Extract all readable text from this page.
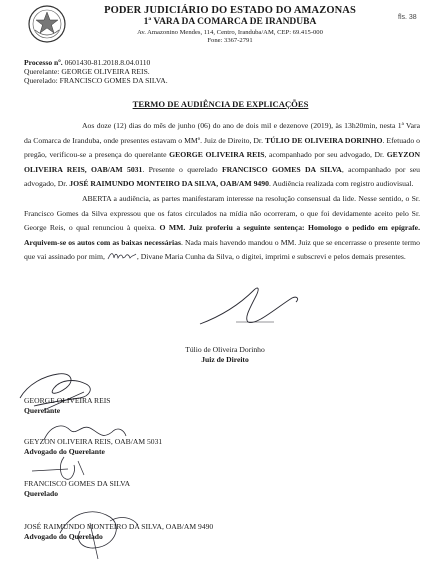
fls. 38
PODER JUDICIÁRIO DO ESTADO DO AMAZONAS
1ª VARA DA COMARCA DE IRANDUBA
Av. Amazonino Mendes, 114, Centro, Iranduba/AM, CEP: 69.415-000
Fone: 3367-2791
Processo nº. 0601430-81.2018.8.04.0110
Querelante: GEORGE OLIVEIRA REIS.
Querelado: FRANCISCO GOMES DA SILVA.
TERMO DE AUDIÊNCIA DE EXPLICAÇÕES

Aos doze (12) dias do mês de junho (06) do ano de dois mil e dezenove (2019), às 13h20min, nesta 1ª Vara da Comarca de Iranduba, onde presentes estavam o MMº. Juiz de Direito, Dr. TÚLIO DE OLIVEIRA DORINHO. Efetuado o pregão, verificou-se a presença do querelante GEORGE OLIVEIRA REIS, acompanhado por seu advogado, Dr. GEYZON OLIVEIRA REIS, OAB/AM 5031. Presente o querelado FRANCISCO GOMES DA SILVA, acompanhado por seu advogado, Dr. JOSÉ RAIMUNDO MONTEIRO DA SILVA, OAB/AM 9490. Audiência realizada com registro audiovisual.

ABERTA a audiência, as partes manifestaram interesse na resolução consensual da lide. Nesse sentido, o Sr. Francisco Gomes da Silva expressou que os fatos circulados na mídia não ocorreram, o que foi devidamente aceito pelo Sr. George Reis, o qual renunciou à queixa. O MM. Juiz proferiu a seguinte sentença: Homologo o pedido em epígrafe. Arquivem-se os autos com as baixas necessárias. Nada mais havendo mandou o MM. Juiz que se encerrasse o presente termo que vai assinado por mim,	, Divane Maria Cunha da Silva, o digitei, imprimi e subscrevi e pelos demais presentes.

Túlio de Oliveira Dorinho
Juiz de Direito
GEORGE OLIVEIRA REIS
Querelante
GEYZON OLIVEIRA REIS, OAB/AM 5031
Advogado do Querelante
FRANCISCO GOMES DA SILVA
Querelado
JOSÉ RAIMUNDO MONTEIRO DA SILVA, OAB/AM 9490
Advogado do Querelado
